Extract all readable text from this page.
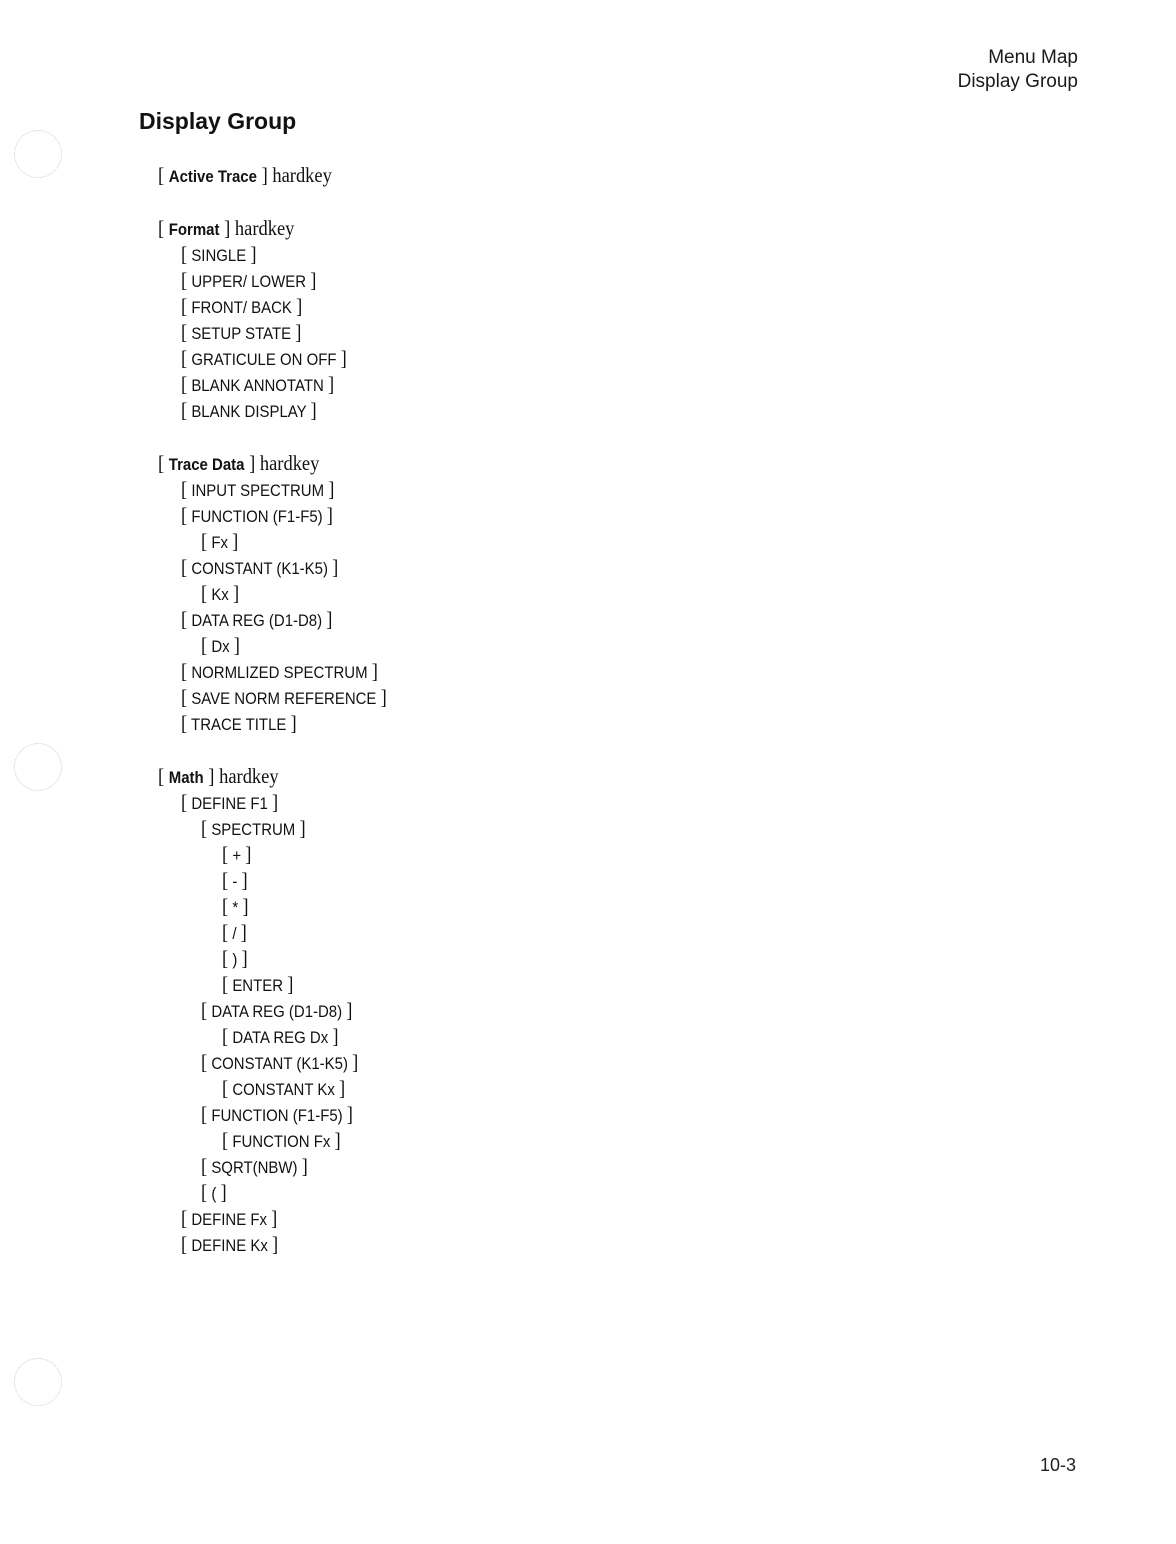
Menu Map
Display Group
Display Group
[ Active Trace ] hardkey
[ Format ] hardkey
[ SINGLE ]
[ UPPER/ LOWER ]
[ FRONT/ BACK ]
[ SETUP STATE ]
[ GRATICULE ON OFF ]
[ BLANK ANNOTATN ]
[ BLANK DISPLAY ]
[ Trace Data ] hardkey
[ INPUT SPECTRUM ]
[ FUNCTION (F1-F5) ]
[ Fx ]
[ CONSTANT (K1-K5) ]
[ Kx ]
[ DATA REG (D1-D8) ]
[ Dx ]
[ NORMLIZED SPECTRUM ]
[ SAVE NORM REFERENCE ]
[ TRACE TITLE ]
[ Math ] hardkey
[ DEFINE F1 ]
[ SPECTRUM ]
[ + ]
[ - ]
[ * ]
[ / ]
[ ) ]
[ ENTER ]
[ DATA REG (D1-D8) ]
[ DATA REG Dx ]
[ CONSTANT (K1-K5) ]
[ CONSTANT Kx ]
[ FUNCTION (F1-F5) ]
[ FUNCTION Fx ]
[ SQRT(NBW) ]
[ ( ]
[ DEFINE Fx ]
[ DEFINE Kx ]
10-3
